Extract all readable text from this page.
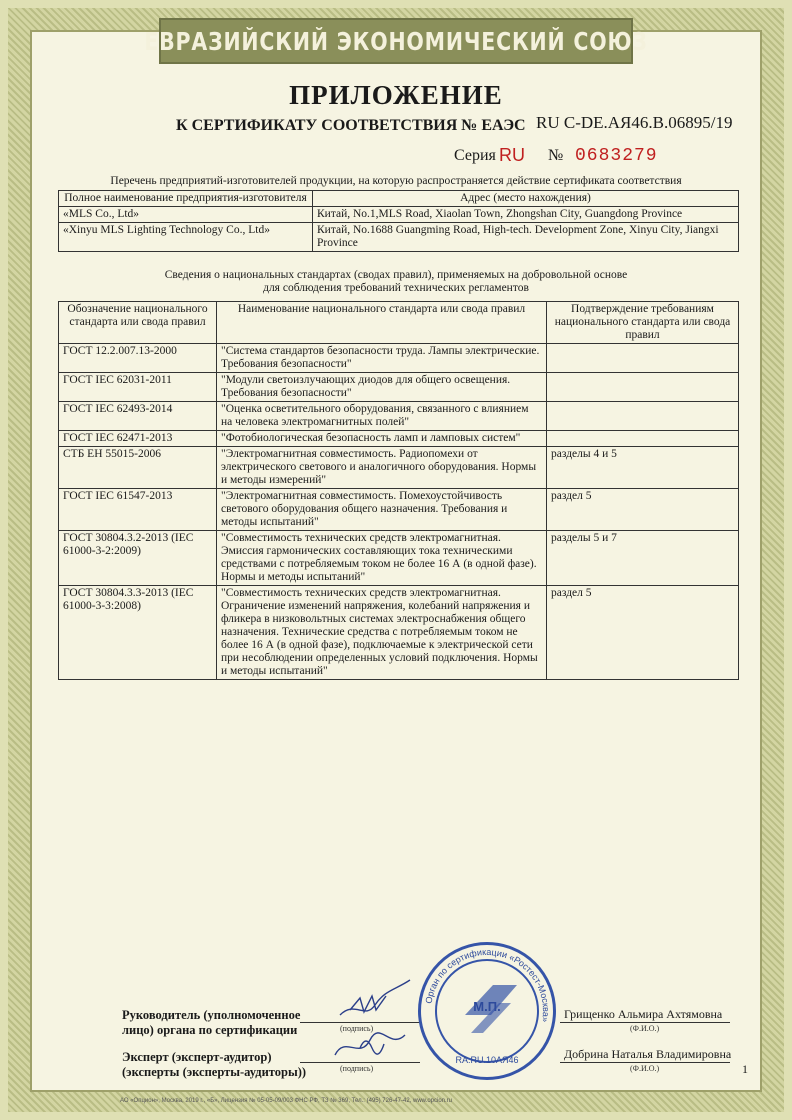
ЕВРАЗИЙСКИЙ ЭКОНОМИЧЕСКИЙ СОЮЗ
ПРИЛОЖЕНИЕ
К СЕРТИФИКАТУ СООТВЕТСТВИЯ № ЕАЭС RU C-DE.АЯ46.В.06895/19
Серия RU № 0683279
Перечень предприятий-изготовителей продукции, на которую распространяется действие сертификата соответствия
Полное наименование предприятия-изготовителя	Адрес (место нахождения)
«MLS Co., Ltd»	Китай, No.1,MLS Road, Xiaolan Town, Zhongshan City, Guangdong Province
«Xinyu MLS Lighting Technology Co., Ltd»	Китай, No.1688 Guangming Road, High-tech. Development Zone, Xinyu City, Jiangxi Province
Сведения о национальных стандартах (сводах правил), применяемых на добровольной основе
для соблюдения требований технических регламентов
Обозначение национального стандарта или свода правил	Наименование национального стандарта или свода правил	Подтверждение требованиям национального стандарта или свода правил
ГОСТ 12.2.007.13-2000	"Система стандартов безопасности труда. Лампы электрические. Требования безопасности"	
ГОСТ IEC 62031-2011	"Модули светоизлучающих диодов для общего освещения. Требования безопасности"	
ГОСТ IEC 62493-2014	"Оценка осветительного оборудования, связанного с влиянием на человека электромагнитных полей"	
ГОСТ IEC 62471-2013	"Фотобиологическая безопасность ламп и ламповых систем"	
СТБ ЕН 55015-2006	"Электромагнитная совместимость. Радиопомехи от электрического светового и аналогичного оборудования. Нормы и методы измерений"	разделы 4 и 5
ГОСТ IEC 61547-2013	"Электромагнитная совместимость. Помехоустойчивость светового оборудования общего назначения. Требования и методы испытаний"	раздел 5
ГОСТ 30804.3.2-2013 (IEC 61000-3-2:2009)	"Совместимость технических средств электромагнитная. Эмиссия гармонических составляющих тока техническими средствами с потребляемым током не более 16 А (в одной фазе). Нормы и методы испытаний"	разделы 5 и 7
ГОСТ 30804.3.3-2013 (IEC 61000-3-3:2008)	"Совместимость технических средств электромагнитная. Ограничение изменений напряжения, колебаний напряжения и фликера в низковольтных системах электроснабжения общего назначения. Технические средства с потребляемым током не более 16 А (в одной фазе), подключаемые к электрической сети при несоблюдении определенных условий подключения. Нормы и методы испытаний"	раздел 5
Руководитель (уполномоченное
лицо) органа по сертификации	(подпись)
Грищенко Альмира Ахтямовна
(Ф.И.О.)
Эксперт (эксперт-аудитор)
(эксперты (эксперты-аудиторы))	(подпись)
Добрина Наталья Владимировна
(Ф.И.О.)
Орган по сертификации «Ростест-Москва»
М.П.
RA.RU.10АЯ46
1
АО «Опцион», Москва, 2019 г., «Б», Лицензия № 05-05-09/003 ФНС РФ, ТЗ № 369, Тел.: (495) 726-47-42, www.opcion.ru
